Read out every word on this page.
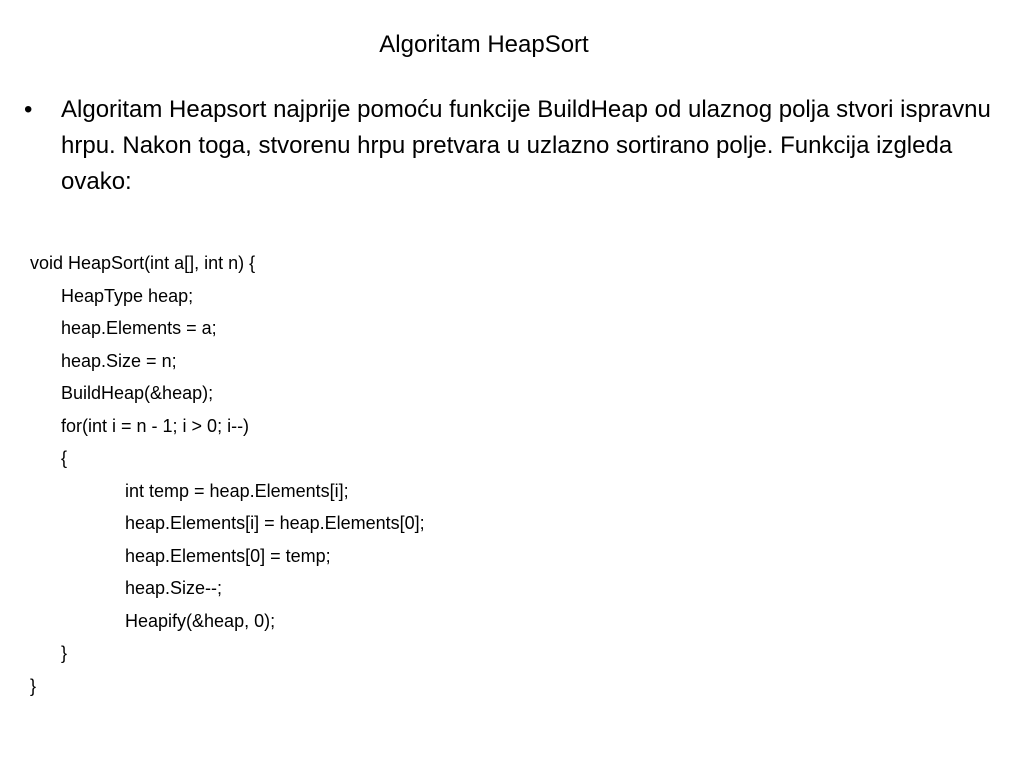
Algoritam HeapSort
• Algoritam Heapsort najprije pomoću funkcije BuildHeap od ulaznog polja stvori ispravnu hrpu. Nakon toga, stvorenu hrpu pretvara u uzlazno sortirano polje. Funkcija izgleda ovako:
void HeapSort(int a[], int n) {
HeapType heap;
heap.Elements = a;
heap.Size = n;
BuildHeap(&heap);
for(int i = n - 1; i > 0; i--)
{
int temp = heap.Elements[i];
heap.Elements[i] = heap.Elements[0];
heap.Elements[0] = temp;
heap.Size--;
Heapify(&heap, 0);
}
}
